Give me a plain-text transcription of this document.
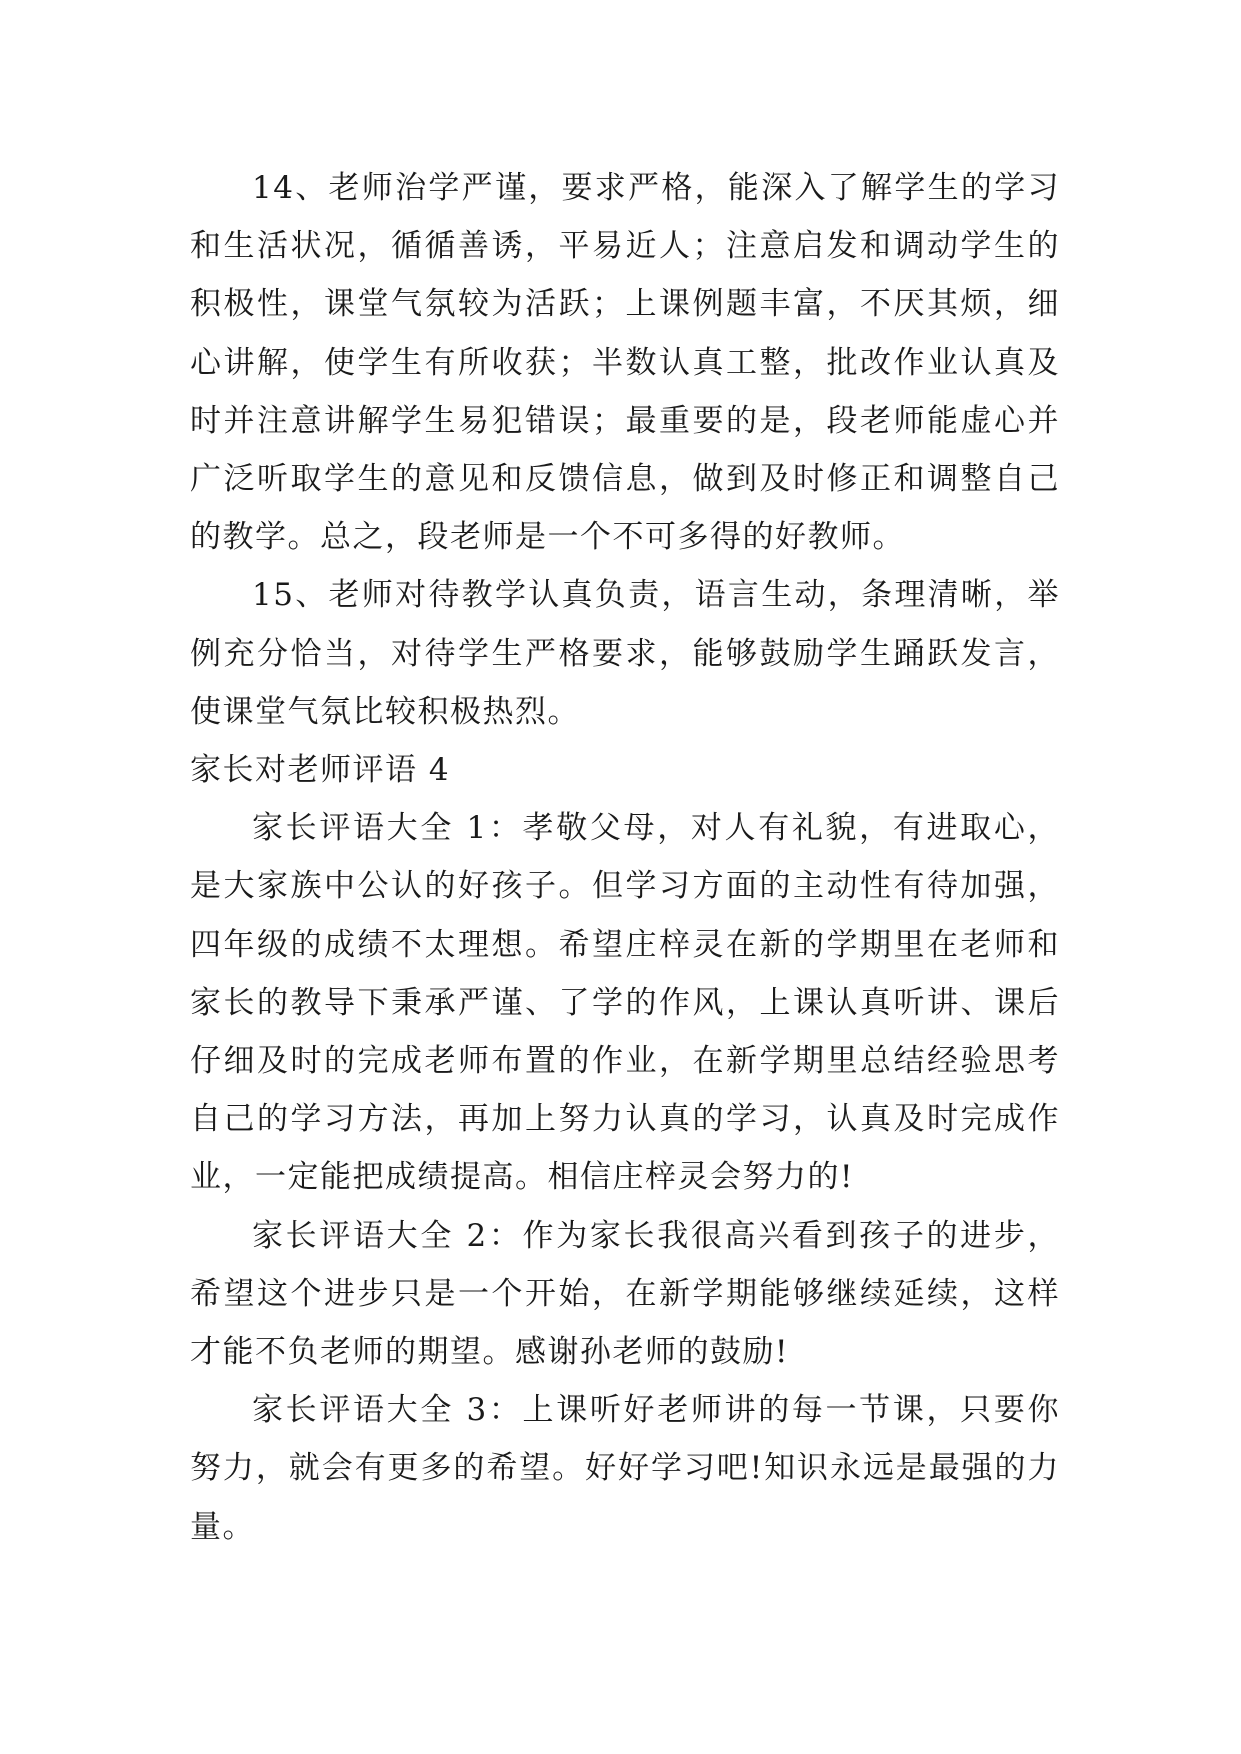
14、老师治学严谨，要求严格，能深入了解学生的学习和生活状况，循循善诱，平易近人；注意启发和调动学生的积极性，课堂气氛较为活跃；上课例题丰富，不厌其烦，细心讲解，使学生有所收获；半数认真工整，批改作业认真及时并注意讲解学生易犯错误；最重要的是，段老师能虚心并广泛听取学生的意见和反馈信息，做到及时修正和调整自己的教学。总之，段老师是一个不可多得的好教师。

15、老师对待教学认真负责，语言生动，条理清晰，举例充分恰当，对待学生严格要求，能够鼓励学生踊跃发言，使课堂气氛比较积极热烈。

家长对老师评语 4

家长评语大全 1：孝敬父母，对人有礼貌，有进取心，是大家族中公认的好孩子。但学习方面的主动性有待加强，四年级的成绩不太理想。希望庄梓灵在新的学期里在老师和家长的教导下秉承严谨、了学的作风，上课认真听讲、课后仔细及时的完成老师布置的作业，在新学期里总结经验思考自己的学习方法，再加上努力认真的学习，认真及时完成作业，一定能把成绩提高。相信庄梓灵会努力的!

家长评语大全 2：作为家长我很高兴看到孩子的进步，希望这个进步只是一个开始，在新学期能够继续延续，这样才能不负老师的期望。感谢孙老师的鼓励!

家长评语大全 3：上课听好老师讲的每一节课，只要你努力，就会有更多的希望。好好学习吧!知识永远是最强的力量。
